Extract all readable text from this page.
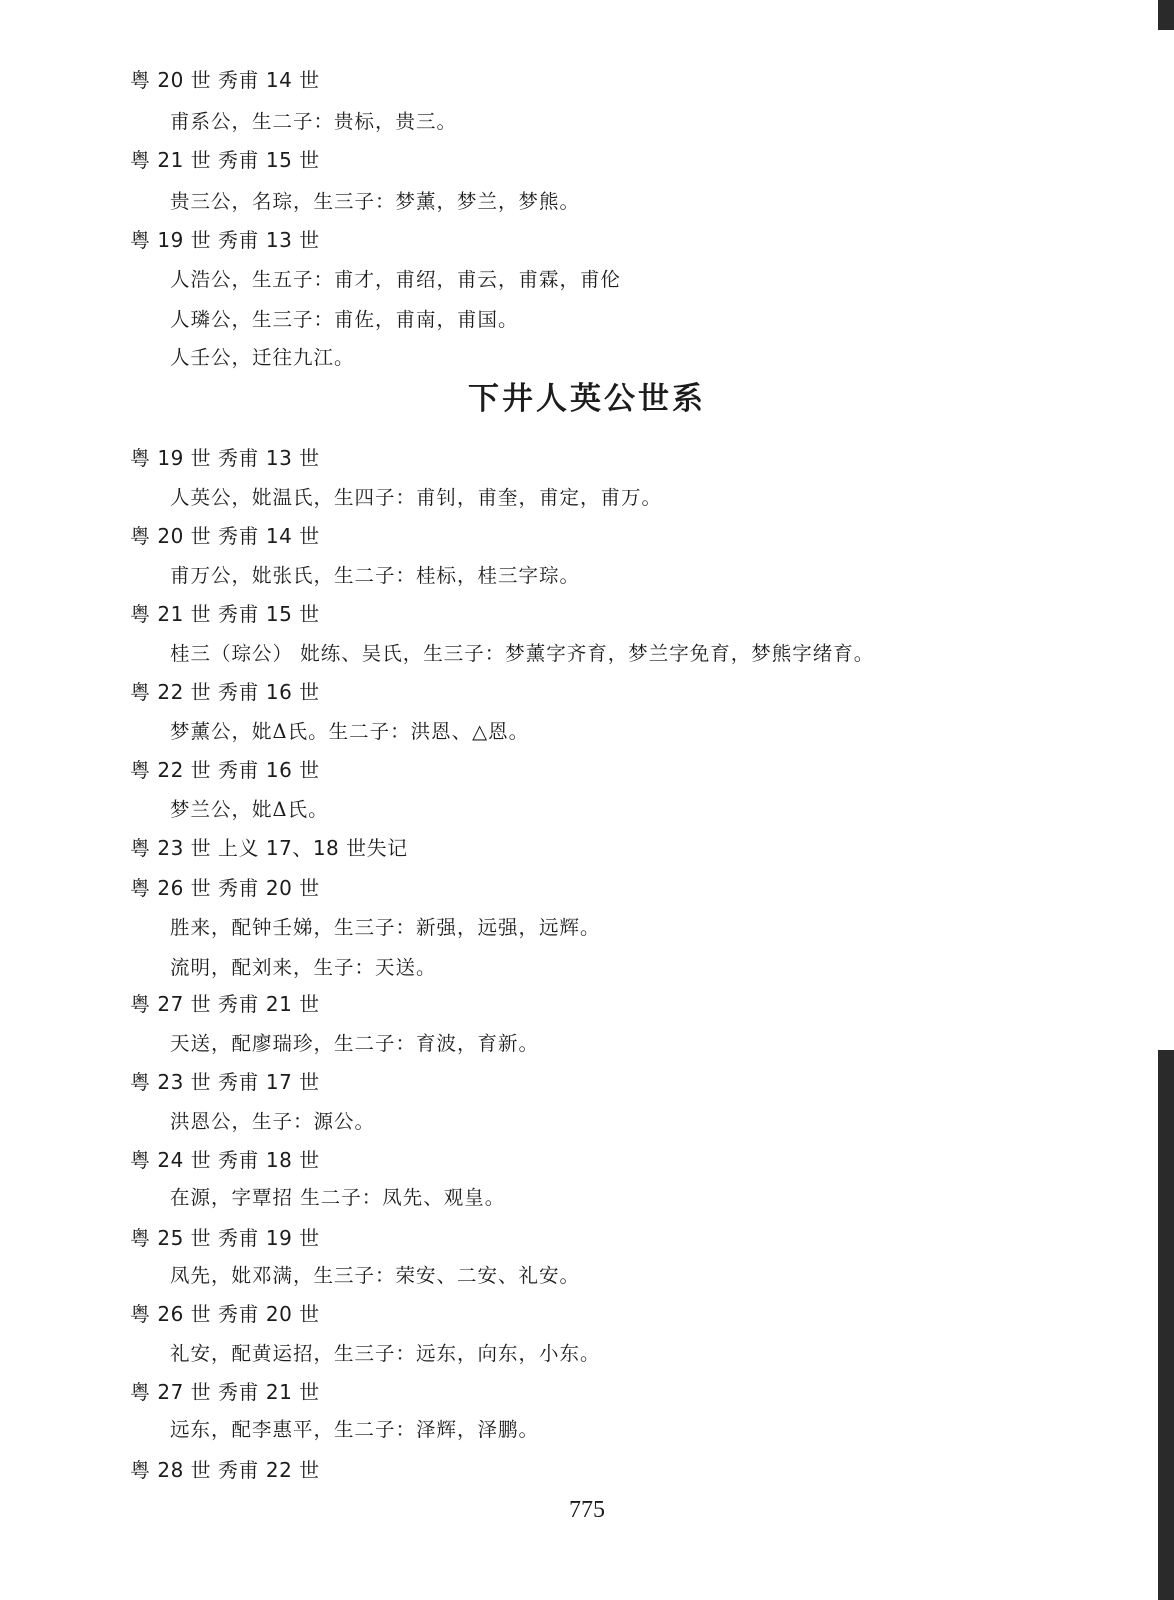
粤 20 世 秀甫 14 世
甫系公，生二子：贵标，贵三。
粤 21 世 秀甫 15 世
贵三公，名琮，生三子：梦薰，梦兰，梦熊。
粤 19 世 秀甫 13 世
人浩公，生五子：甫才，甫绍，甫云，甫霖，甫伦
人璘公，生三子：甫佐，甫南，甫国。
人壬公，迁往九江。
下井人英公世系
粤 19 世 秀甫 13 世
人英公，妣温氏，生四子：甫钊，甫奎，甫定，甫万。
粤 20 世 秀甫 14 世
甫万公，妣张氏，生二子：桂标，桂三字琮。
粤 21 世 秀甫 15 世
桂三（琮公） 妣练、吴氏，生三子：梦薰字齐育，梦兰字免育，梦熊字绪育。
粤 22 世 秀甫 16 世
梦薰公，妣Δ氏。生二子：洪恩、△恩。
粤 22 世 秀甫 16 世
梦兰公，妣Δ氏。
粤 23 世 上义 17、18 世失记
粤 26 世 秀甫 20 世
胜来，配钟壬娣，生三子：新强，远强，远辉。
流明，配刘来，生子：天送。
粤 27 世 秀甫 21 世
天送，配廖瑞珍，生二子：育波，育新。
粤 23 世 秀甫 17 世
洪恩公，生子：源公。
粤 24 世 秀甫 18 世
在源，字覃招 生二子：凤先、观皇。
粤 25 世 秀甫 19 世
凤先，妣邓满，生三子：荣安、二安、礼安。
粤 26 世 秀甫 20 世
礼安，配黄运招，生三子：远东，向东，小东。
粤 27 世 秀甫 21 世
远东，配李惠平，生二子：泽辉，泽鹏。
粤 28 世 秀甫 22 世
775
